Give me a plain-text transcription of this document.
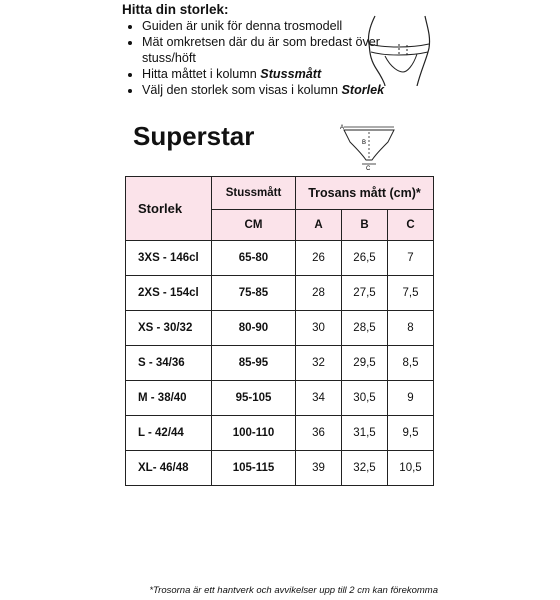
Hitta din storlek:
• Guiden är unik för denna trosmodell
• Mät omkretsen där du är som bredast över stuss/höft
• Hitta måttet i kolumn Stussmått
• Välj den storlek som visas i kolumn Storlek
Superstar	A
B
C
Storlek	Stussmått	Trosans mått (cm)*		
	CM	A	B	C
3XS - 146cl	65-80	26	26,5	7
2XS - 154cl	75-85	28	27,5	7,5
XS - 30/32	80-90	30	28,5	8
S - 34/36	85-95	32	29,5	8,5
M - 38/40	95-105	34	30,5	9
L - 42/44	100-110	36	31,5	9,5
XL- 46/48	105-115	39	32,5	10,5
*Trosorna är ett hantverk och avvikelser upp till 2 cm kan förekomma
